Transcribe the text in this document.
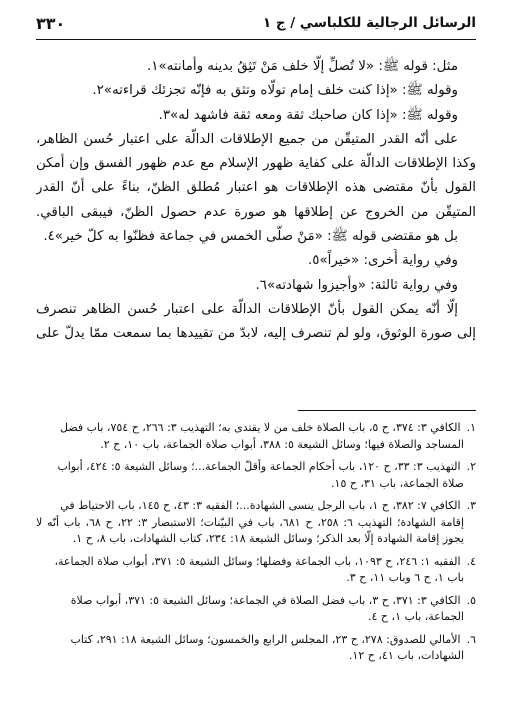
الرسائل الرجالية للكلباسي / ج ١
٣٣٠
مثل: قوله ﷺ: «لا تُصلِّ إلّا خلف مَنْ تَثِقُ بدينه وأمانته»١.
وقوله ﷺ: «إذا كنت خلف إمام تولّاه وتثق به فإنّه تجزئك قراءته»٢.
وقوله ﷺ: «إذا كان صاحبك ثقة ومعه ثقة فاشهد له»٣.
على أنّه القدر المتيقّن من جميع الإطلاقات الدالّة على اعتبار حُسن الظاهر،
وكذا الإطلاقات الدالّة على كفاية ظهور الإسلام مع عدم ظهور الفسق وإن أمكن
القول بأنّ مقتضى هذه الإطلاقات هو اعتبار مُطلق الظنّ، بناءً على أنّ القدر
المتيقّن من الخروج عن إطلاقها هو صورة عدم حصول الظنّ، فيبقى الباقي.
بل هو مقتضى قوله ﷺ: «مَنْ صلّى الخمس في جماعة فظنّوا به كلّ خير»٤.
وفي رواية أُخرى: «خيراً»٥.
وفي رواية ثالثة: «وأجيزوا شهادته»٦.
إلّا أنّه يمكن القول بأنّ الإطلاقات الدالّة على اعتبار حُسن الظاهر تنصرف
إلى صورة الوثوق، ولو لم تنصرف إليه، لابدّ من تقييدها بما سمعت ممّا يدلّ على
١.الكافي ٣: ٣٧٤، ح ٥، باب الصلاة خلف من لا يقتدى به؛ التهذيب ٣: ٢٦٦، ح ٧٥٤، باب فضل
المساجد والصلاة فيها؛ وسائل الشيعة ٥: ٣٨٨، أبواب صلاة الجماعة، باب ١٠، ح ٢.
٢.التهذيب ٣: ٣٣، ح ١٢٠، باب أحكام الجماعة وأقلّ الجماعة...؛ وسائل الشيعة ٥: ٤٢٤، أبواب
صلاة الجماعة، باب ٣١، ح ١٥.
٣.الكافي ٧: ٣٨٢، ح ١، باب الرجل ينسى الشهادة...؛ الفقيه ٣: ٤٣، ح ١٤٥، باب الاحتياط في
إقامة الشهادة؛ التهذيب ٦: ٢٥٨، ح ٦٨١، باب في البيّنات؛ الاستبصار ٣: ٢٢، ح ٦٨، باب أنّه لا يجوز إقامة الشهادة إلّا بعد الذكر؛ وسائل الشيعة ١٨: ٢٣٤، كتاب الشهادات، باب ٨، ح ١.
٤.الفقيه ١: ٢٤٦، ح ١٠٩٣، باب الجماعة وفضلها؛ وسائل الشيعة ٥: ٣٧١، أبواب صلاة الجماعة،
باب ١، ح ٦ وباب ١١، ح ٣.
٥.الكافي ٣: ٣٧١، ح ٣، باب فضل الصلاة في الجماعة؛ وسائل الشيعة ٥: ٣٧١، أبواب صلاة
الجماعة، باب ١، ح ٤.
٦.الأمالي للصدوق: ٢٧٨، ح ٢٣، المجلس الرابع والخمسون؛ وسائل الشيعة ١٨: ٢٩١، كتاب
الشهادات، باب ٤١، ح ١٢.
